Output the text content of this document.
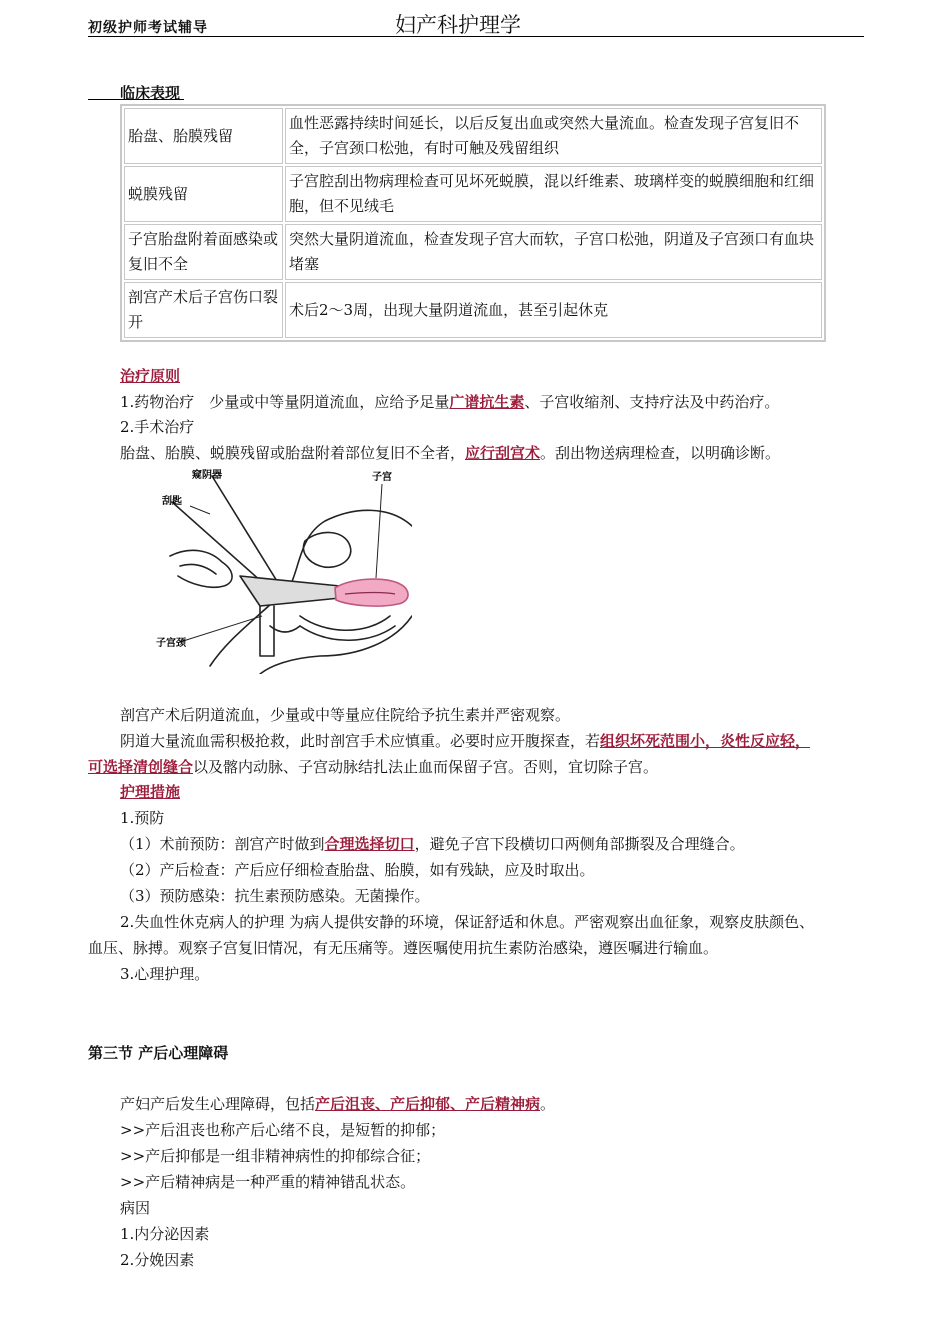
初级护师考试辅导	妇产科护理学
临床表现
胎盘、胎膜残留	血性恶露持续时间延长，以后反复出血或突然大量流血。检查发现子宫复旧不全，子宫颈口松弛，有时可触及残留组织
蜕膜残留	子宫腔刮出物病理检查可见坏死蜕膜，混以纤维素、玻璃样变的蜕膜细胞和红细胞，但不见绒毛
子宫胎盘附着面感染或复旧不全	突然大量阴道流血，检查发现子宫大而软，子宫口松弛，阴道及子宫颈口有血块堵塞
剖宫产术后子宫伤口裂开	术后2～3周，出现大量阴道流血，甚至引起休克
治疗原则
1.药物治疗　少量或中等量阴道流血，应给予足量广谱抗生素、子宫收缩剂、支持疗法及中药治疗。
2.手术治疗
胎盘、胎膜、蜕膜残留或胎盘附着部位复旧不全者，应行刮宫术。刮出物送病理检查，以明确诊断。
窥阴器
刮匙
子宫
子宫颈
剖宫产术后阴道流血，少量或中等量应住院给予抗生素并严密观察。
阴道大量流血需积极抢救，此时剖宫手术应慎重。必要时应开腹探查，若组织坏死范围小，炎性反应轻，
可选择清创缝合以及髂内动脉、子宫动脉结扎法止血而保留子宫。否则，宜切除子宫。
护理措施
1.预防
（1）术前预防：剖宫产时做到合理选择切口，避免子宫下段横切口两侧角部撕裂及合理缝合。
（2）产后检查：产后应仔细检查胎盘、胎膜，如有残缺，应及时取出。
（3）预防感染：抗生素预防感染。无菌操作。
2.失血性休克病人的护理 为病人提供安静的环境，保证舒适和休息。严密观察出血征象，观察皮肤颜色、
血压、脉搏。观察子宫复旧情况，有无压痛等。遵医嘱使用抗生素防治感染，遵医嘱进行输血。
3.心理护理。
第三节 产后心理障碍
产妇产后发生心理障碍，包括产后沮丧、产后抑郁、产后精神病。
>>产后沮丧也称产后心绪不良，是短暂的抑郁；
>>产后抑郁是一组非精神病性的抑郁综合征；
>>产后精神病是一种严重的精神错乱状态。
病因
1.内分泌因素
2.分娩因素
